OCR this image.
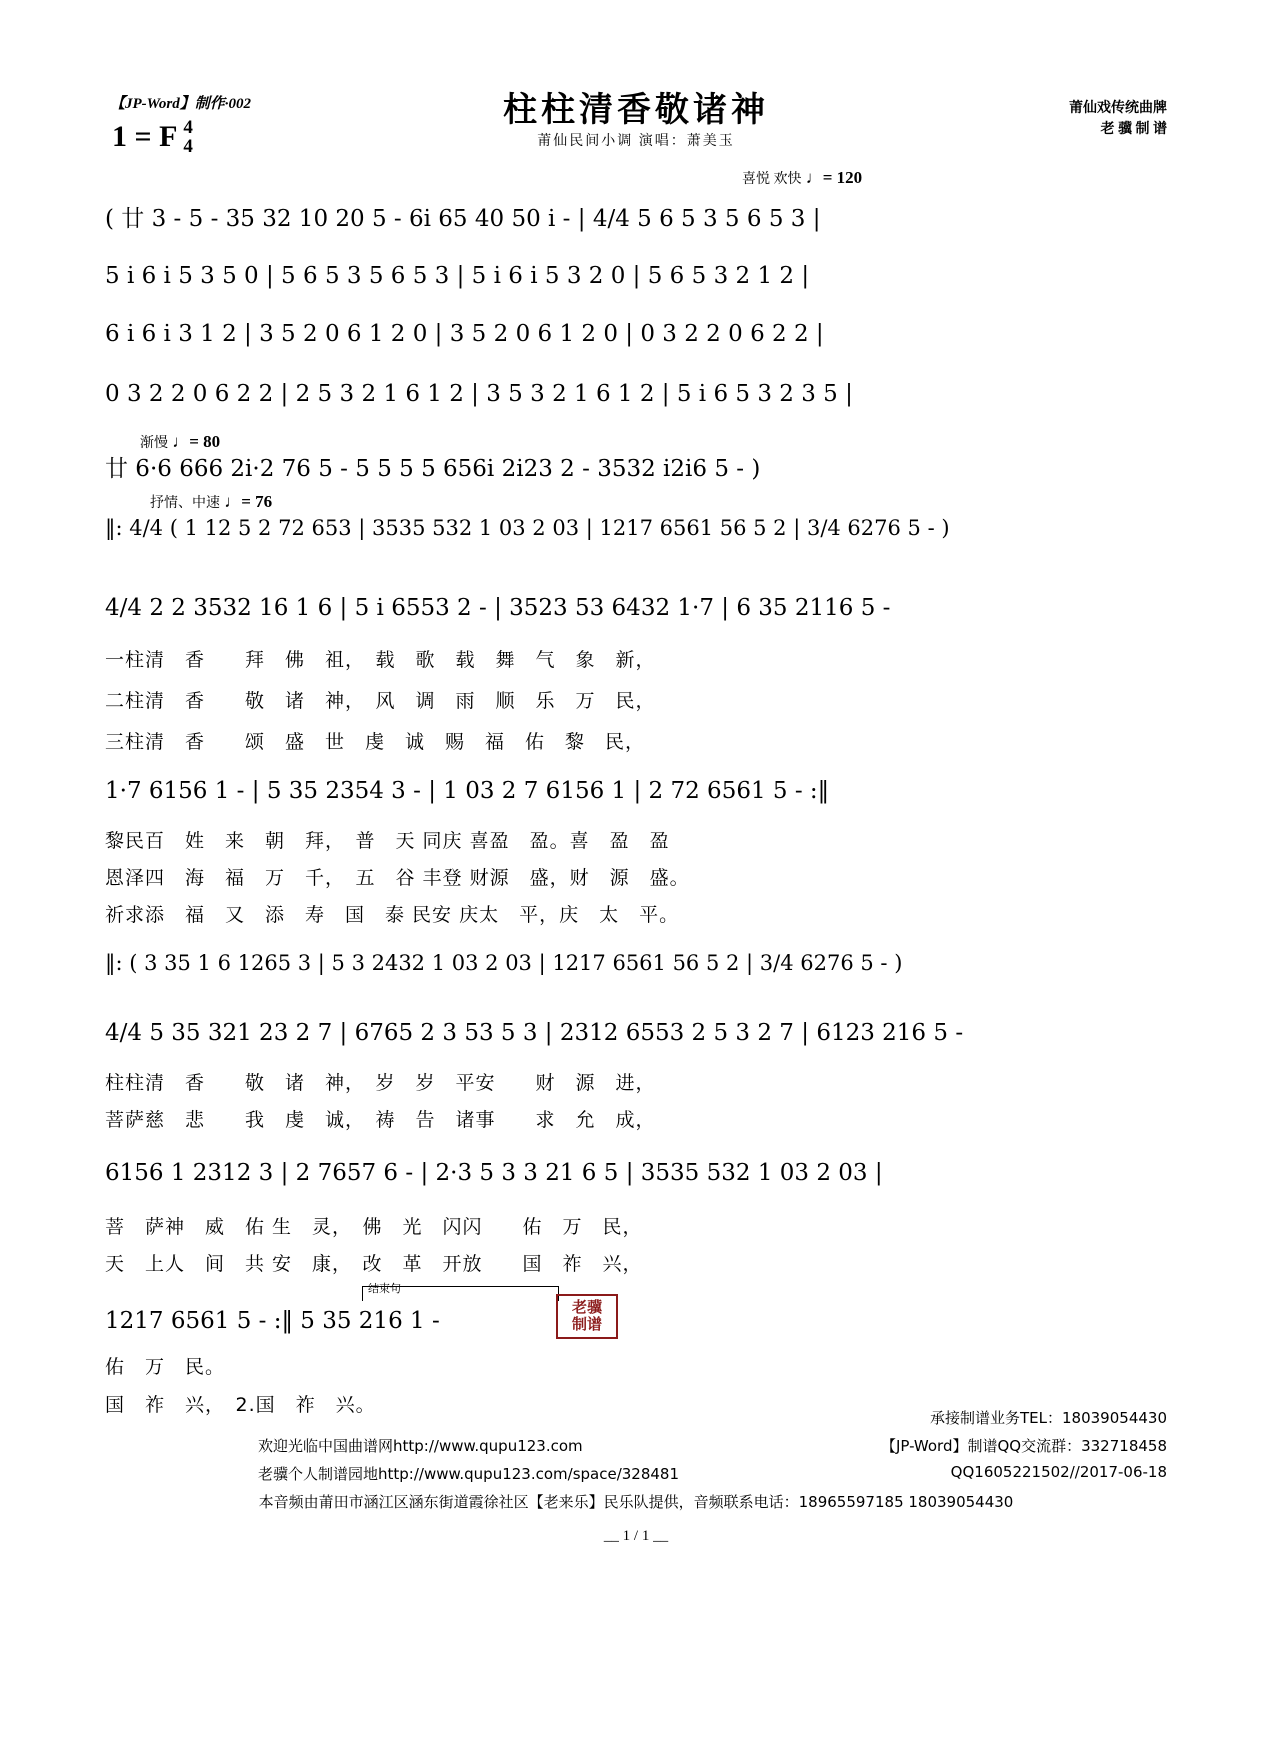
【JP-Word】制作·002
1 = F 4
4
柱柱清香敬诸神
莆仙民间小调 演唱：萧美玉
莆仙戏传统曲牌
老 骥 制 谱
喜悦 欢快 ♩= 120
渐慢 ♩= 80
抒情、中速 ♩= 76
( 廿 3 - 5 - 35 32 10 20 5 - 6i 65 40 50 i - | 4/4 5 6 5 3 5 6 5 3 |
5 i 6 i 5 3 5 0 | 5 6 5 3 5 6 5 3 | 5 i 6 i 5 3 2 0 | 5 6 5 3 2 1 2 |
6 i 6 i 3 1 2 | 3 5 2 0 6 1 2 0 | 3 5 2 0 6 1 2 0 | 0 3 2 2 0 6 2 2 |
0 3 2 2 0 6 2 2 | 2 5 3 2 1 6 1 2 | 3 5 3 2 1 6 1 2 | 5 i 6 5 3 2 3 5 |
廿 6·6 666 2i·2 76 5 - 5 5 5 5 656i 2i23 2 - 3532 i2i6 5 - )
‖: 4/4 ( 1 12 5 2 72 653 | 3535 532 1 03 2 03 | 1217 6561 56 5 2 | 3/4 6276 5 - )
4/4 2 2 3532 16 1 6 | 5 i 6553 2 - | 3523 53 6432 1·7 | 6 35 2116 5 -
一柱清　香　　拜　佛　祖，　载　歌　载　舞　气　象　新，
二柱清　香　　敬　诸　神，　风　调　雨　顺　乐　万　民，
三柱清　香　　颂　盛　世　虔　诚　赐　福　佑　黎　民，
1·7 6156 1 - | 5 35 2354 3 - | 1 03 2 7 6156 1 | 2 72 6561 5 - :‖
黎民百　姓　来　朝　拜，　普　天 同庆 喜盈　盈。喜　盈　盈
恩泽四　海　福　万　千，　五　谷 丰登 财源　盛，财　源　盛。
祈求添　福　又　添　寿　国　泰 民安 庆太　平，庆　太　平。
‖: ( 3 35 1 6 1265 3 | 5 3 2432 1 03 2 03 | 1217 6561 56 5 2 | 3/4 6276 5 - )
4/4 5 35 321 23 2 7 | 6765 2 3 53 5 3 | 2312 6553 2 5 3 2 7 | 6123 216 5 -
柱柱清　香　　敬　诸　神，　岁　岁　平安　　财　源　进，
菩萨慈　悲　　我　虔　诚，　祷　告　诸事　　求　允　成，
6156 1 2312 3 | 2 7657 6 - | 2·3 5 3 3 21 6 5 | 3535 532 1 03 2 03 |
菩　萨神　威　佑 生　灵，　佛　光　闪闪　　佑　万　民，
天　上人　间　共 安　康，　改　革　开放　　国　祚　兴，
1217 6561 5 - :‖ 5 35 216 1 -
结束句
老骥
制谱
佑　万　民。
国　祚　兴，　2.国　祚　兴。
承接制谱业务TEL：18039054430
欢迎光临中国曲谱网http://www.qupu123.com	【JP-Word】制谱QQ交流群：332718458
老骥个人制谱园地http://www.qupu123.com/space/328481	QQ1605221502//2017-06-18
本音频由莆田市涵江区涵东街道霞徐社区【老来乐】民乐队提供，音频联系电话：18965597185 18039054430
__ 1 / 1 __
